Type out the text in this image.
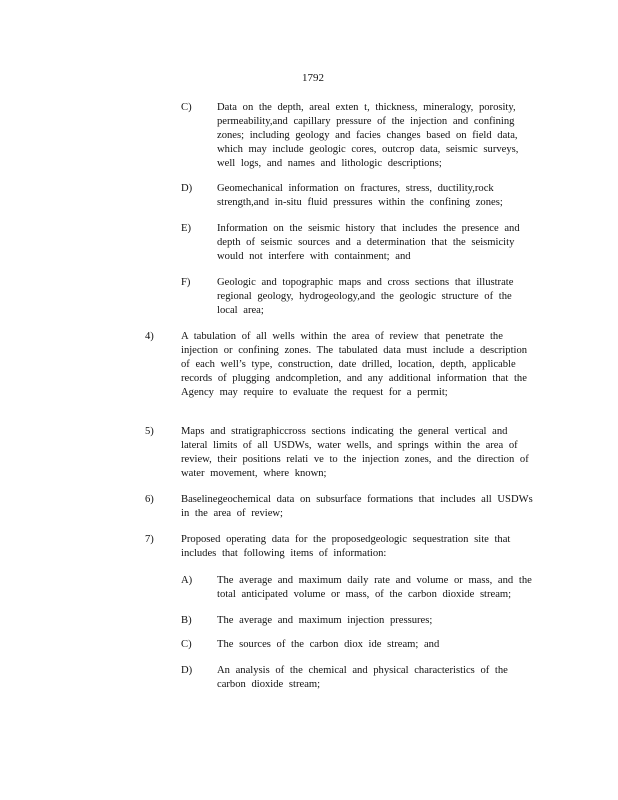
1792
C) Data on the depth, areal exten t, thickness, mineralogy, porosity, permeability,and capillary pressure of the injection and confining zones; including geology and facies changes based on field data, which may include geologic cores, outcrop data, seismic surveys, well logs, and names and lithologic descriptions;
D) Geomechanical information on fractures, stress, ductility,rock strength,and in-situ fluid pressures within the confining zones;
E) Information on the seismic history that includes the presence and depth of seismic sources and a determination that the seismicity would not interfere with containment; and
F)	Geologic and topographic maps and cross sections that illustrate regional geology, hydrogeology,and the geologic structure of the local area;
4)	A tabulation of all wells within the area of review that penetrate the injection or confining zones. The tabulated data must include a description of each well’s type, construction, date drilled, location, depth, applicable records of plugging andcompletion, and any additional information that the Agency may require to evaluate the request for a permit;
5)	Maps and stratigraphiccross sections indicating the general vertical and lateral limits of all USDWs, water wells, and springs within the area of review, their positions relati ve to the injection zones, and the direction of water movement, where known;
6)	Baselinegeochemical data on subsurface formations that includes all USDWs in the area of review;
7)	Proposed operating data for the proposedgeologic sequestration site that includes that following items of information:
A) The average and maximum daily rate and volume or mass, and the total anticipated volume or mass, of the carbon dioxide stream;
B) The average and maximum injection pressures;
C) The sources of the carbon diox ide stream; and
D) An analysis of the chemical and physical characteristics of the carbon dioxide stream;
